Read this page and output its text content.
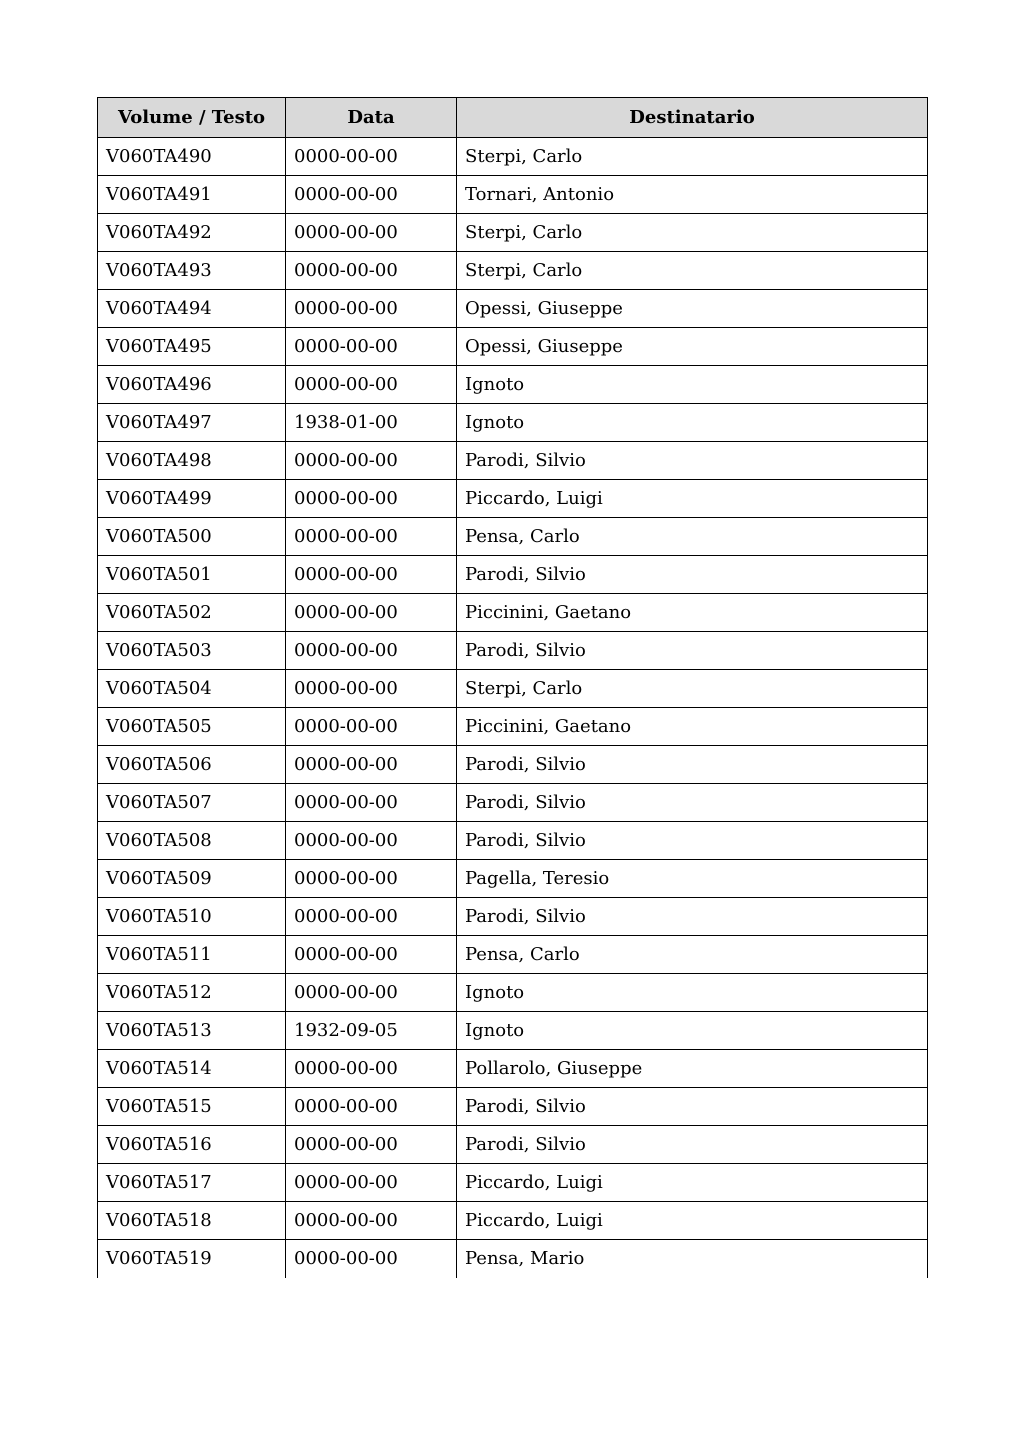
Volume / Testo	Data	Destinatario
V060TA490	0000-00-00	Sterpi, Carlo
V060TA491	0000-00-00	Tornari, Antonio
V060TA492	0000-00-00	Sterpi, Carlo
V060TA493	0000-00-00	Sterpi, Carlo
V060TA494	0000-00-00	Opessi, Giuseppe
V060TA495	0000-00-00	Opessi, Giuseppe
V060TA496	0000-00-00	Ignoto
V060TA497	1938-01-00	Ignoto
V060TA498	0000-00-00	Parodi, Silvio
V060TA499	0000-00-00	Piccardo, Luigi
V060TA500	0000-00-00	Pensa, Carlo
V060TA501	0000-00-00	Parodi, Silvio
V060TA502	0000-00-00	Piccinini, Gaetano
V060TA503	0000-00-00	Parodi, Silvio
V060TA504	0000-00-00	Sterpi, Carlo
V060TA505	0000-00-00	Piccinini, Gaetano
V060TA506	0000-00-00	Parodi, Silvio
V060TA507	0000-00-00	Parodi, Silvio
V060TA508	0000-00-00	Parodi, Silvio
V060TA509	0000-00-00	Pagella, Teresio
V060TA510	0000-00-00	Parodi, Silvio
V060TA511	0000-00-00	Pensa, Carlo
V060TA512	0000-00-00	Ignoto
V060TA513	1932-09-05	Ignoto
V060TA514	0000-00-00	Pollarolo, Giuseppe
V060TA515	0000-00-00	Parodi, Silvio
V060TA516	0000-00-00	Parodi, Silvio
V060TA517	0000-00-00	Piccardo, Luigi
V060TA518	0000-00-00	Piccardo, Luigi
V060TA519	0000-00-00	Pensa, Mario
